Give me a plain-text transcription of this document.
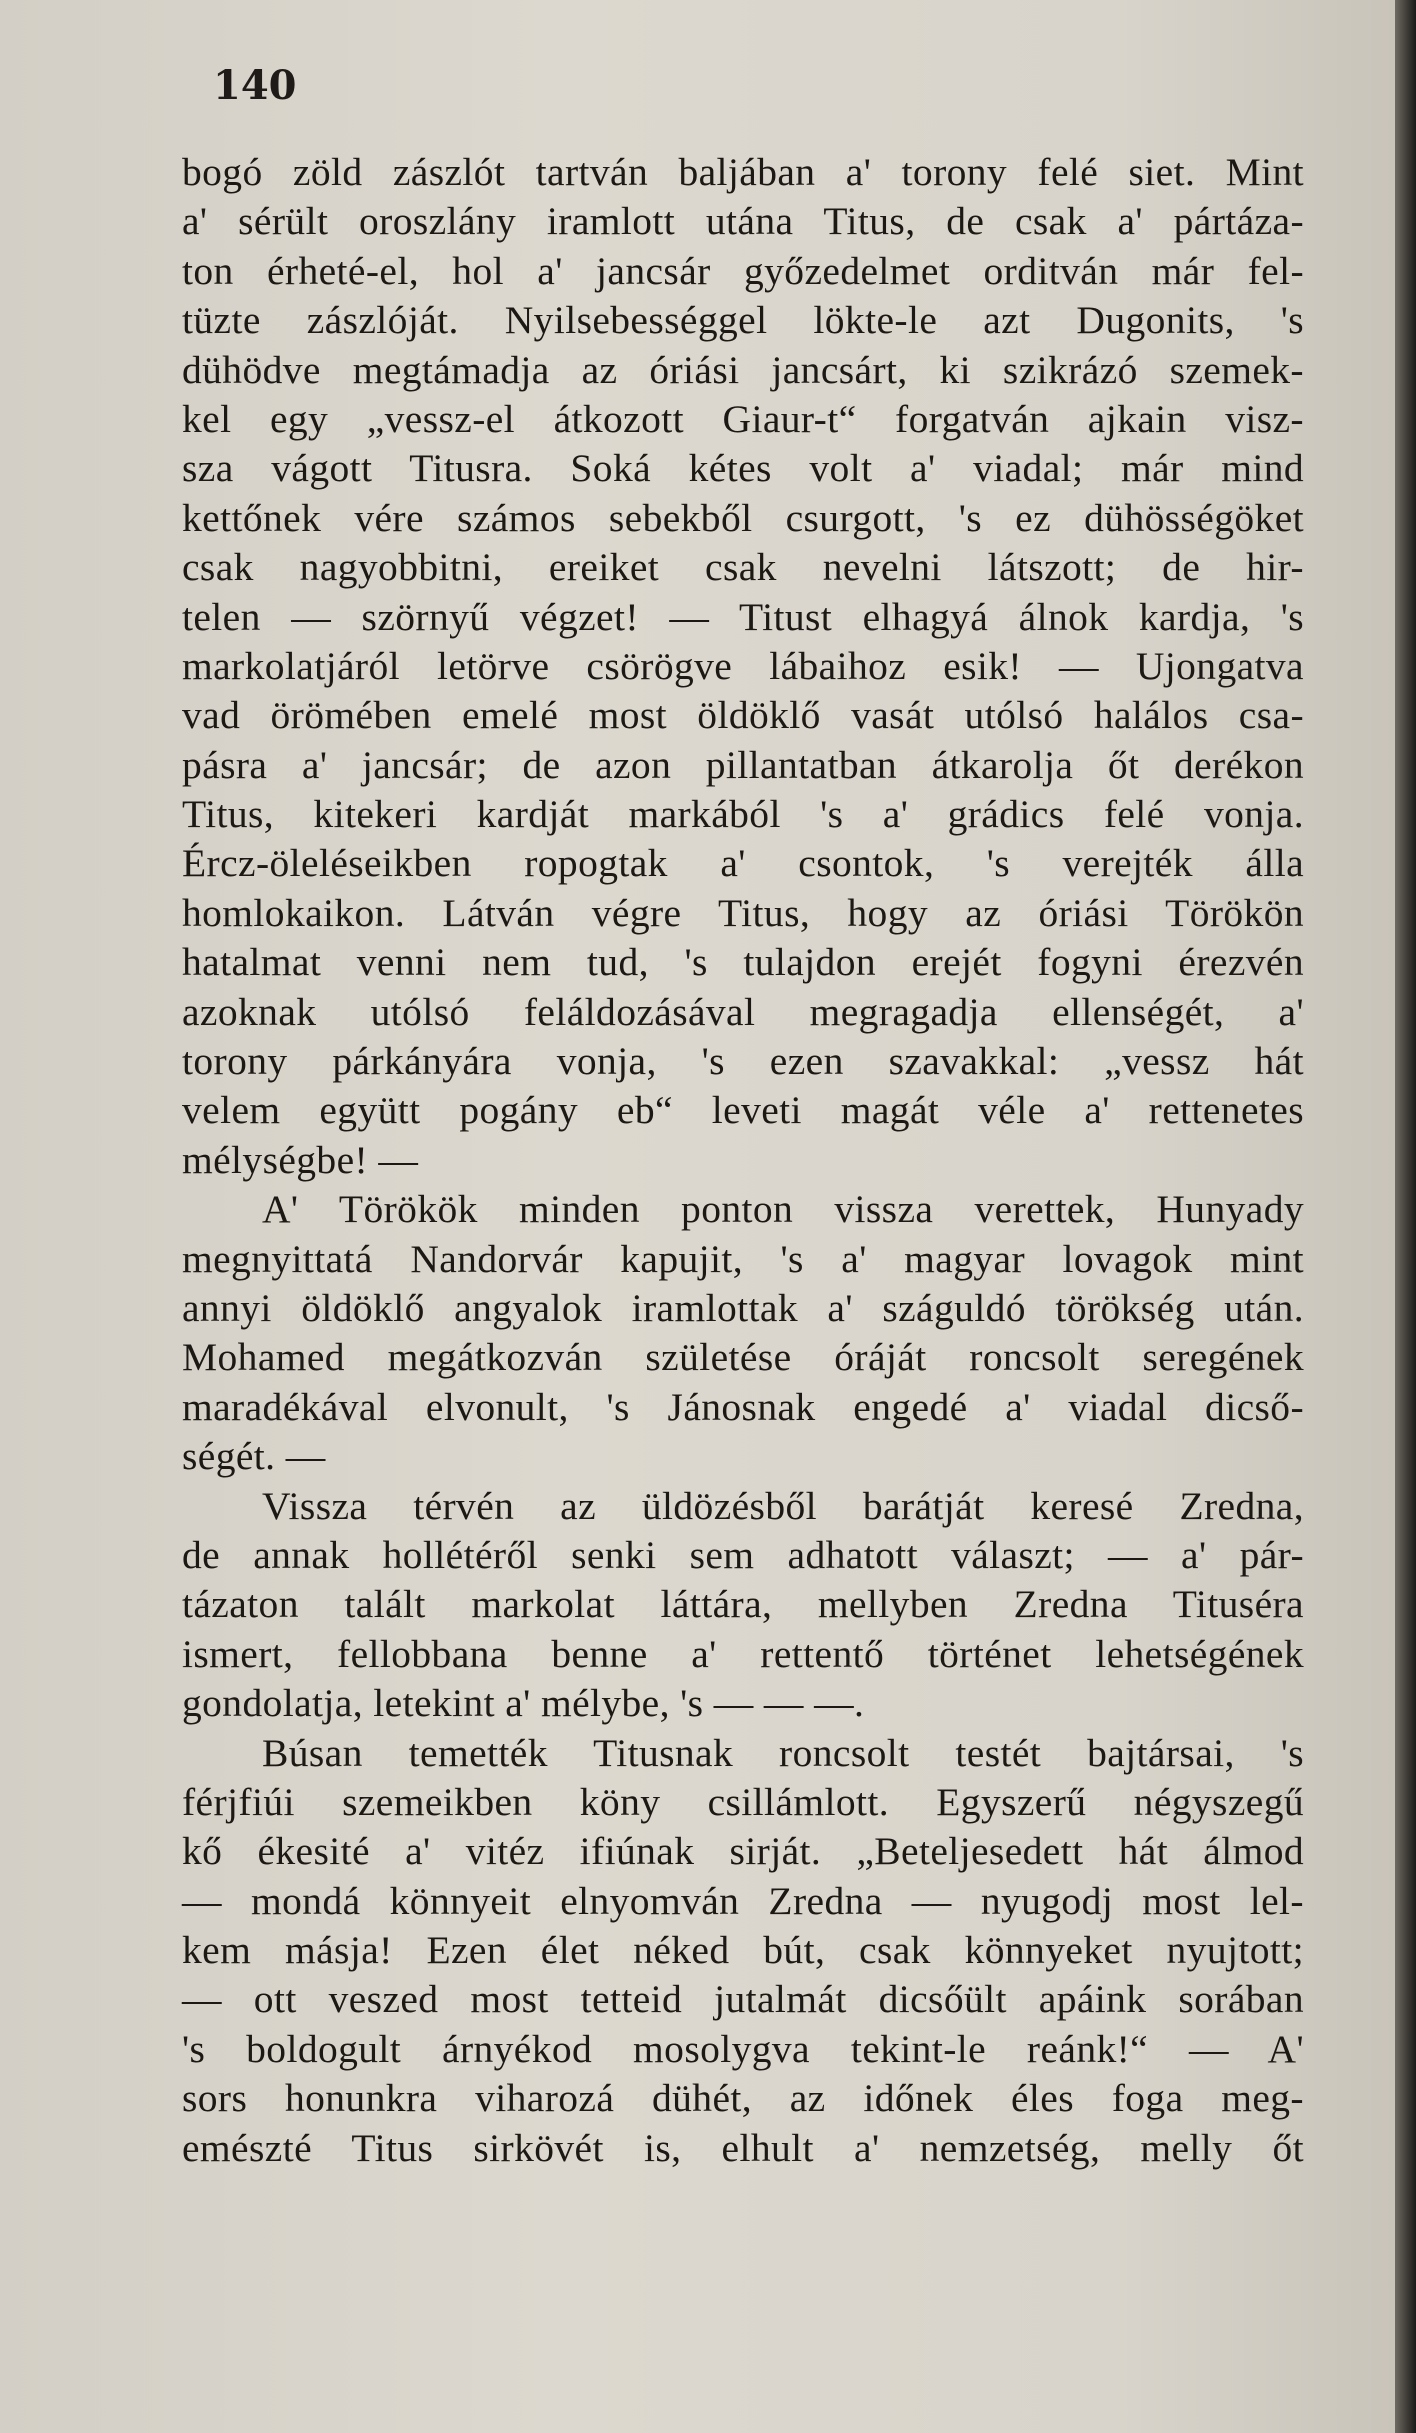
140
bogó zöld zászlót tartván baljában a' torony felé siet. Mint
a' sérült oroszlány iramlott utána Titus, de csak a' pártáza-
ton érheté-el, hol a' jancsár győzedelmet orditván már fel-
tüzte zászlóját. Nyilsebességgel lökte-le azt Dugonits, 's
dühödve megtámadja az óriási jancsárt, ki szikrázó szemek-
kel egy „vessz-el átkozott Giaur-t“ forgatván ajkain visz-
sza vágott Titusra. Soká kétes volt a' viadal; már mind
kettőnek vére számos sebekből csurgott, 's ez dühösségöket
csak nagyobbitni, ereiket csak nevelni látszott; de hir-
telen — szörnyű végzet! — Titust elhagyá álnok kardja, 's
markolatjáról letörve csörögve lábaihoz esik! — Ujongatva
vad örömében emelé most öldöklő vasát utólsó halálos csa-
pásra a' jancsár; de azon pillantatban átkarolja őt derékon
Titus, kitekeri kardját markából 's a' grádics felé vonja.
Ércz-öleléseikben ropogtak a' csontok, 's verejték álla
homlokaikon. Látván végre Titus, hogy az óriási Törökön
hatalmat venni nem tud, 's tulajdon erejét fogyni érezvén
azoknak utólsó feláldozásával megragadja ellenségét, a'
torony párkányára vonja, 's ezen szavakkal: „vessz hát
velem együtt pogány eb“ leveti magát véle a' rettenetes
mélységbe! —
A' Törökök minden ponton vissza verettek, Hunyady
megnyittatá Nandorvár kapujit, 's a' magyar lovagok mint
annyi öldöklő angyalok iramlottak a' száguldó törökség után.
Mohamed megátkozván születése óráját roncsolt seregének
maradékával elvonult, 's Jánosnak engedé a' viadal dicső-
ségét. —
Vissza térvén az üldözésből barátját keresé Zredna,
de annak hollétéről senki sem adhatott választ; — a' pár-
tázaton talált markolat láttára, mellyben Zredna Tituséra
ismert, fellobbana benne a' rettentő történet lehetségének
gondolatja, letekint a' mélybe, 's — — —.
Búsan temették Titusnak roncsolt testét bajtársai, 's
férjfiúi szemeikben köny csillámlott. Egyszerű négyszegű
kő ékesité a' vitéz ifiúnak sirját. „Beteljesedett hát álmod
— mondá könnyeit elnyomván Zredna — nyugodj most lel-
kem másja! Ezen élet néked bút, csak könnyeket nyujtott;
— ott veszed most tetteid jutalmát dicsőült apáink sorában
's boldogult árnyékod mosolygva tekint-le reánk!“ — A'
sors honunkra viharozá dühét, az időnek éles foga meg-
emészté Titus sirkövét is, elhult a' nemzetség, melly őt
